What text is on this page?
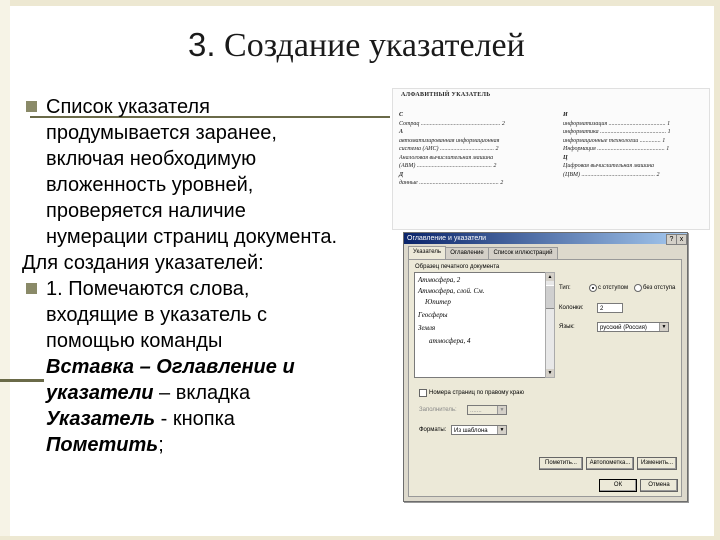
3. Создание указателей
Список указателя
продумывается заранее,
включая необходимую
вложенность уровней,
проверяется наличие
нумерации страниц документа.
Для создания указателей:
1. Помечаются слова,
входящие в указатель с
помощью команды
Вставка – Оглавление и
указатели – вкладка
Указатель - кнопка
Пометить;
АЛФАВИТНЫЙ УКАЗАТЕЛЬ
С
Compaq ..................................................... 2
А
автоматизированная информационная
система (АИС) .................................... 2
Аналоговая вычислительная машина
(АВМ) .................................................. 2
Д
данные ..................................................... 2
И
информатизация ...................................... 1
информатика ............................................ 1
информационные технологии .............. 1
Информация ............................................. 1
Ц
Цифровая вычислительная машина
(ЦВМ) ................................................. 2
Оглавление и указатели	? x
Указатель	Оглавление	Список иллюстраций
Образец печатного документа
Атмосфера, 2
Атмосфера, слой. См.
Юпитер
Геосферы
Земля
атмосфера, 4
▲
▼
Тип:	с отступом без отступа
Колонки:	2
Язык:	русский (Россия)	▼
Номера страниц по правому краю
Заполнитель:	.......	▼
Форматы:	Из шаблона	▼
Пометить...	Автопометка...	Изменить...
ОК	Отмена
